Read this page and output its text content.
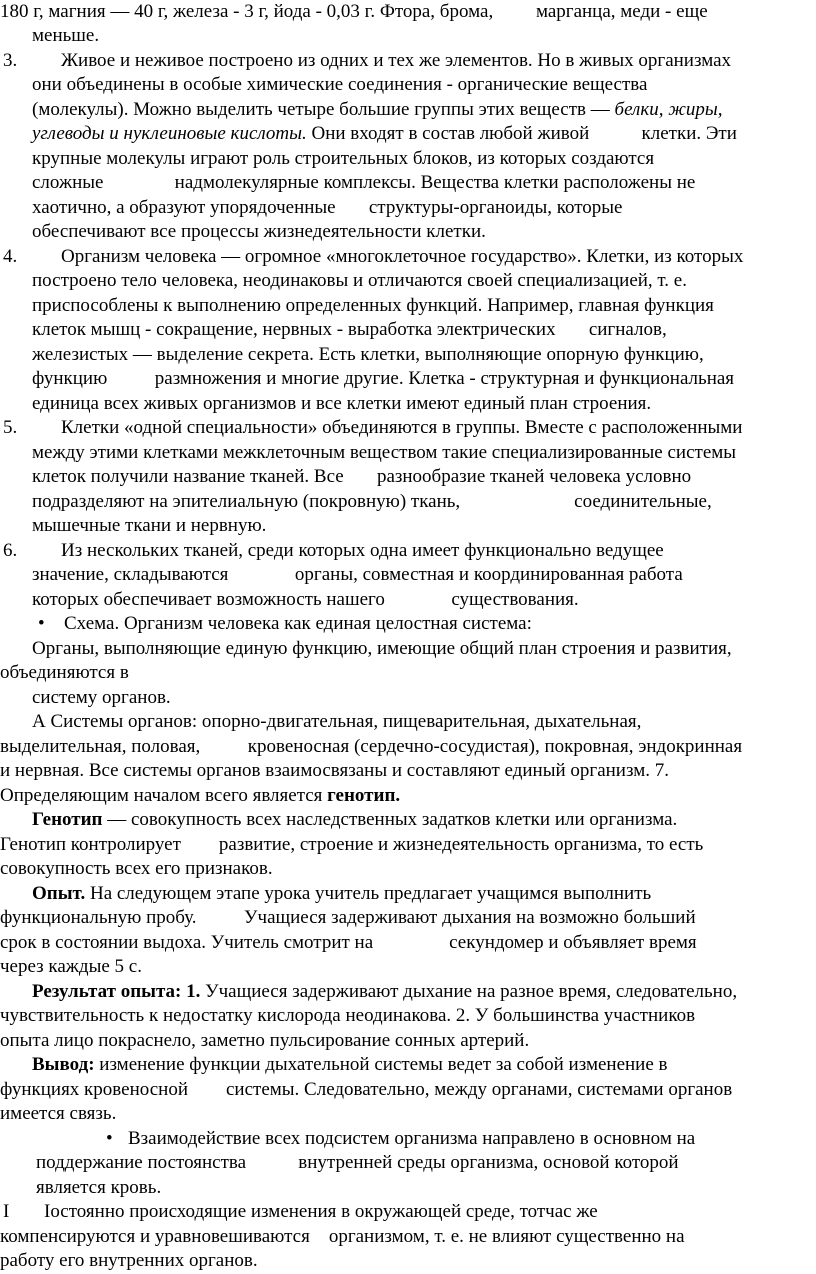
180 г, магния — 40 г, железа - 3 г, йода - 0,03 г. Фтора, брома,         марганца, меди - еще
меньше.
3. Живое и неживое построено из одних и тех же элементов. Но в живых организмах
они объединены в особые химические соединения - органические вещества
(молекулы). Можно выделить четыре большие группы этих веществ — белки, жиры,
углеводы и нуклеиновые кислоты. Они входят в состав любой живой           клетки. Эти
крупные молекулы играют роль строительных блоков, из которых создаются
сложные               надмолекулярные комплексы. Вещества клетки расположены не
хаотично, а образуют упорядоченные       структуры-органоиды, которые
обеспечивают все процессы жизнедеятельности клетки.
4. Организм человека — огромное «многоклеточное государство». Клетки, из которых
построено тело человека, неодинаковы и отличаются своей специализацией, т. е.
приспособлены к выполнению определенных функций. Например, главная функция
клеток мышц - сокращение, нервных - выработка электрических       сигналов,
железистых — выделение секрета. Есть клетки, выполняющие опорную функцию,
функцию          размножения и многие другие. Клетка - структурная и функциональная
единица всех живых организмов и все клетки имеют единый план строения.
5. Клетки «одной специальности» объединяются в группы. Вместе с расположенными
между этими клетками межклеточным веществом такие специализированные системы
клеток получили название тканей. Все       разнообразие тканей человека условно
подразделяют на эпителиальную (покровную) ткань,                        соединительные,
мышечные ткани и нервную.
6. Из нескольких тканей, среди которых одна имеет функционально ведущее
значение, складываются              органы, совместная и координированная работа
которых обеспечивает возможность нашего              существования.
• Схема. Организм человека как единая целостная система:
Органы, выполняющие единую функцию, имеющие общий план строения и развития,
объединяются в
систему органов.
А Системы органов: опорно-двигательная, пищеварительная, дыхательная,
выделительная, половая,          кровеносная (сердечно-сосудистая), покровная, эндокринная
и нервная. Все системы органов взаимосвязаны и составляют единый организм. 7.
Определяющим началом всего является генотип.
Генотип — совокупность всех наследственных задатков клетки или организма.
Генотип контролирует        развитие, строение и жизнедеятельность организма, то есть
совокупность всех его признаков.
Опыт. На следующем этапе урока учитель предлагает учащимся выполнить
функциональную пробу.          Учащиеся задерживают дыхания на возможно больший
срок в состоянии выдоха. Учитель смотрит на                секундомер и объявляет время
через каждые 5 с.
Результат опыта: 1. Учащиеся задерживают дыхание на разное время, следовательно,
чувствительность к недостатку кислорода неодинакова. 2. У большинства участников
опыта лицо покраснело, заметно пульсирование сонных артерий.
Вывод: изменение функции дыхательной системы ведет за собой изменение в
функциях кровеносной        системы. Следовательно, между органами, системами органов
имеется связь.
• Взаимодействие всех подсистем организма направлено в основном на
поддержание постоянства           внутренней среды организма, основой которой
является кровь.
I Іостоянно происходящие изменения в окружающей среде, тотчас же
компенсируются и уравновешиваются    организмом, т. е. не влияют существенно на
работу его внутренних органов.
